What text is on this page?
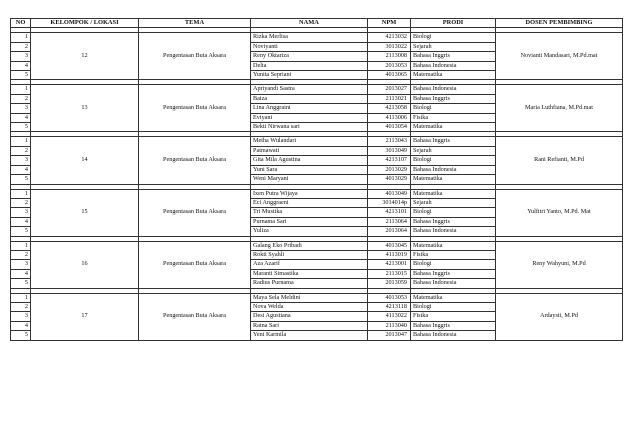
NO	KELOMPOK / LOKASI	TEMA	NAMA	NPM	PRODI	DOSEN PEMBIMBING

1	12	Pengentasan Buta Aksara	Rizka Merlisa	4213032	Biologi	Novianti Mandasari, M.Pd.mat
2			Noviyanti	3013022	Sejarah	
3			Reny Oktariza	2113008	Bahasa Inggris	
4			Delta	2013053	Bahasa Indonesia	
5			Yunita Sepriani	4013065	Matematika	

1	13	Pengentasan Buta Aksara	Apriyandi Sastra	2013027	Bahasa Indonesia	Maria Luthfiana, M.Pd.mat
2			Baiza	2113021	Bahasa Inggris	
3			Lina Anggraini	4213058	Biologi	
4			Eviyani	4113006	Fisika	
5			Bekti Nirwana sari	4013054	Matematika	

1	14	Pengentasan Buta Aksara	Metha Wulandari	2113043	Bahasa Inggris	Rani Refianti, M.Pd
2			Patmawati	3013049	Sejarah	
3			Gita Mila Agustina	4213107	Biologi	
4			Yuni Sara	2013029	Bahasa Indonesia	
5			Weni Maryani	4013029	Matematika	

1	15	Pengentasan Buta Aksara	Ixen Putra Wijaya	4013049	Matematika	Yulfitri Yanto, M.Pd. Mat
2			Eci Anggraeni	3014014p	Sejarah	
3			Tri Mustika	4213101	Biologi	
4			Purnama Sari	2113064	Bahasa Inggris	
5			Yuliza	2013064	Bahasa Indonesia	

1	16	Pengentasan Buta Aksara	Galang Eko Pribadi	4013045	Matematika	Reny Wahyuni, M.Pd
2			Rokti Syahli	4113019	Fisika	
3			Aza Azarif	4213001	Biologi	
4			Maranti Simastika	2113015	Bahasa Inggris	
5			Radius Purnama	2013059	Bahasa Indonesia	

1	17	Pengentasan Buta Aksara	Maya Sela Meldini	4013053	Matematika	Ardaysti, M.Pd
2			Nova Welda	4213118	Biologi	
3			Desi Agustiana	4113022	Fisika	
4			Ratna Sari	2113040	Bahasa Inggris	
5			Yeni Karmila	2013047	Bahasa Indonesia	
